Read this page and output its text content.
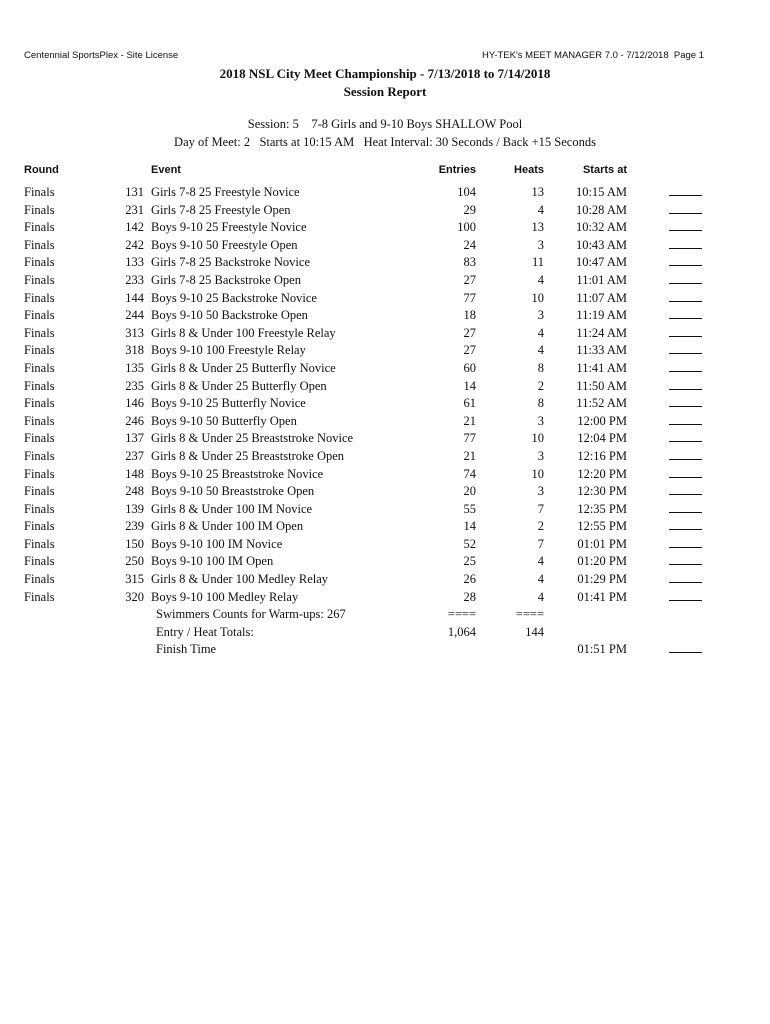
Centennial SportsPlex - Site License	HY-TEK's MEET MANAGER 7.0 - 7/12/2018  Page 1
2018 NSL City Meet Championship - 7/13/2018 to 7/14/2018
Session Report
Session: 5    7-8 Girls and 9-10 Boys SHALLOW Pool
Day of Meet: 2   Starts at 10:15 AM   Heat Interval: 30 Seconds / Back +15 Seconds
Round	Event	Entries	Heats	Starts at
Finals	131 Girls 7-8 25 Freestyle Novice	104	13	10:15 AM
Finals	231 Girls 7-8 25 Freestyle Open	29	4	10:28 AM
Finals	142 Boys 9-10 25 Freestyle Novice	100	13	10:32 AM
Finals	242 Boys 9-10 50 Freestyle Open	24	3	10:43 AM
Finals	133 Girls 7-8 25 Backstroke Novice	83	11	10:47 AM
Finals	233 Girls 7-8 25 Backstroke Open	27	4	11:01 AM
Finals	144 Boys 9-10 25 Backstroke Novice	77	10	11:07 AM
Finals	244 Boys 9-10 50 Backstroke Open	18	3	11:19 AM
Finals	313 Girls 8 & Under 100 Freestyle Relay	27	4	11:24 AM
Finals	318 Boys 9-10 100 Freestyle Relay	27	4	11:33 AM
Finals	135 Girls 8 & Under 25 Butterfly Novice	60	8	11:41 AM
Finals	235 Girls 8 & Under 25 Butterfly Open	14	2	11:50 AM
Finals	146 Boys 9-10 25 Butterfly Novice	61	8	11:52 AM
Finals	246 Boys 9-10 50 Butterfly Open	21	3	12:00 PM
Finals	137 Girls 8 & Under 25 Breaststroke Novice	77	10	12:04 PM
Finals	237 Girls 8 & Under 25 Breaststroke Open	21	3	12:16 PM
Finals	148 Boys 9-10 25 Breaststroke Novice	74	10	12:20 PM
Finals	248 Boys 9-10 50 Breaststroke Open	20	3	12:30 PM
Finals	139 Girls 8 & Under 100 IM Novice	55	7	12:35 PM
Finals	239 Girls 8 & Under 100 IM Open	14	2	12:55 PM
Finals	150 Boys 9-10 100 IM Novice	52	7	01:01 PM
Finals	250 Boys 9-10 100 IM Open	25	4	01:20 PM
Finals	315 Girls 8 & Under 100 Medley Relay	26	4	01:29 PM
Finals	320 Boys 9-10 100 Medley Relay	28	4	01:41 PM
Swimmers Counts for Warm-ups: 267	====	====
Entry / Heat Totals:	1,064	144
Finish Time	01:51 PM
